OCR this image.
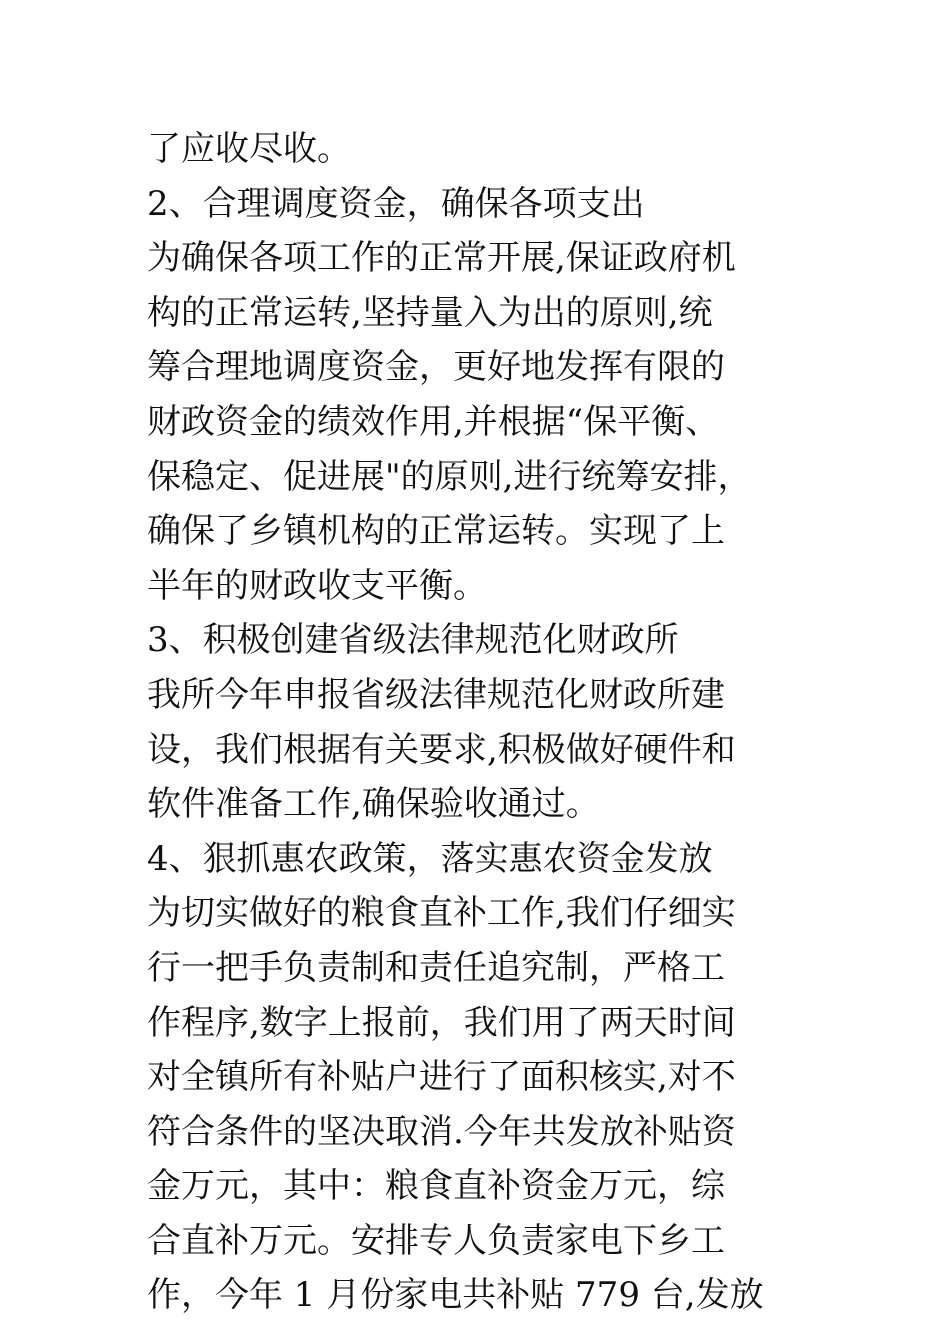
了应收尽收。
2、合理调度资金，确保各项支出
为确保各项工作的正常开展,保证政府机
构的正常运转,坚持量入为出的原则,统
筹合理地调度资金，更好地发挥有限的
财政资金的绩效作用,并根据“保平衡、
保稳定、促进展"的原则,进行统筹安排，
确保了乡镇机构的正常运转。实现了上
半年的财政收支平衡。
3、积极创建省级法律规范化财政所
我所今年申报省级法律规范化财政所建
设，我们根据有关要求,积极做好硬件和
软件准备工作,确保验收通过。
4、狠抓惠农政策，落实惠农资金发放
为切实做好的粮食直补工作,我们仔细实
行一把手负责制和责任追究制，严格工
作程序,数字上报前，我们用了两天时间
对全镇所有补贴户进行了面积核实,对不
符合条件的坚决取消.今年共发放补贴资
金万元，其中：粮食直补资金万元，综
合直补万元。安排专人负责家电下乡工
作，今年 1 月份家电共补贴 779 台,发放
